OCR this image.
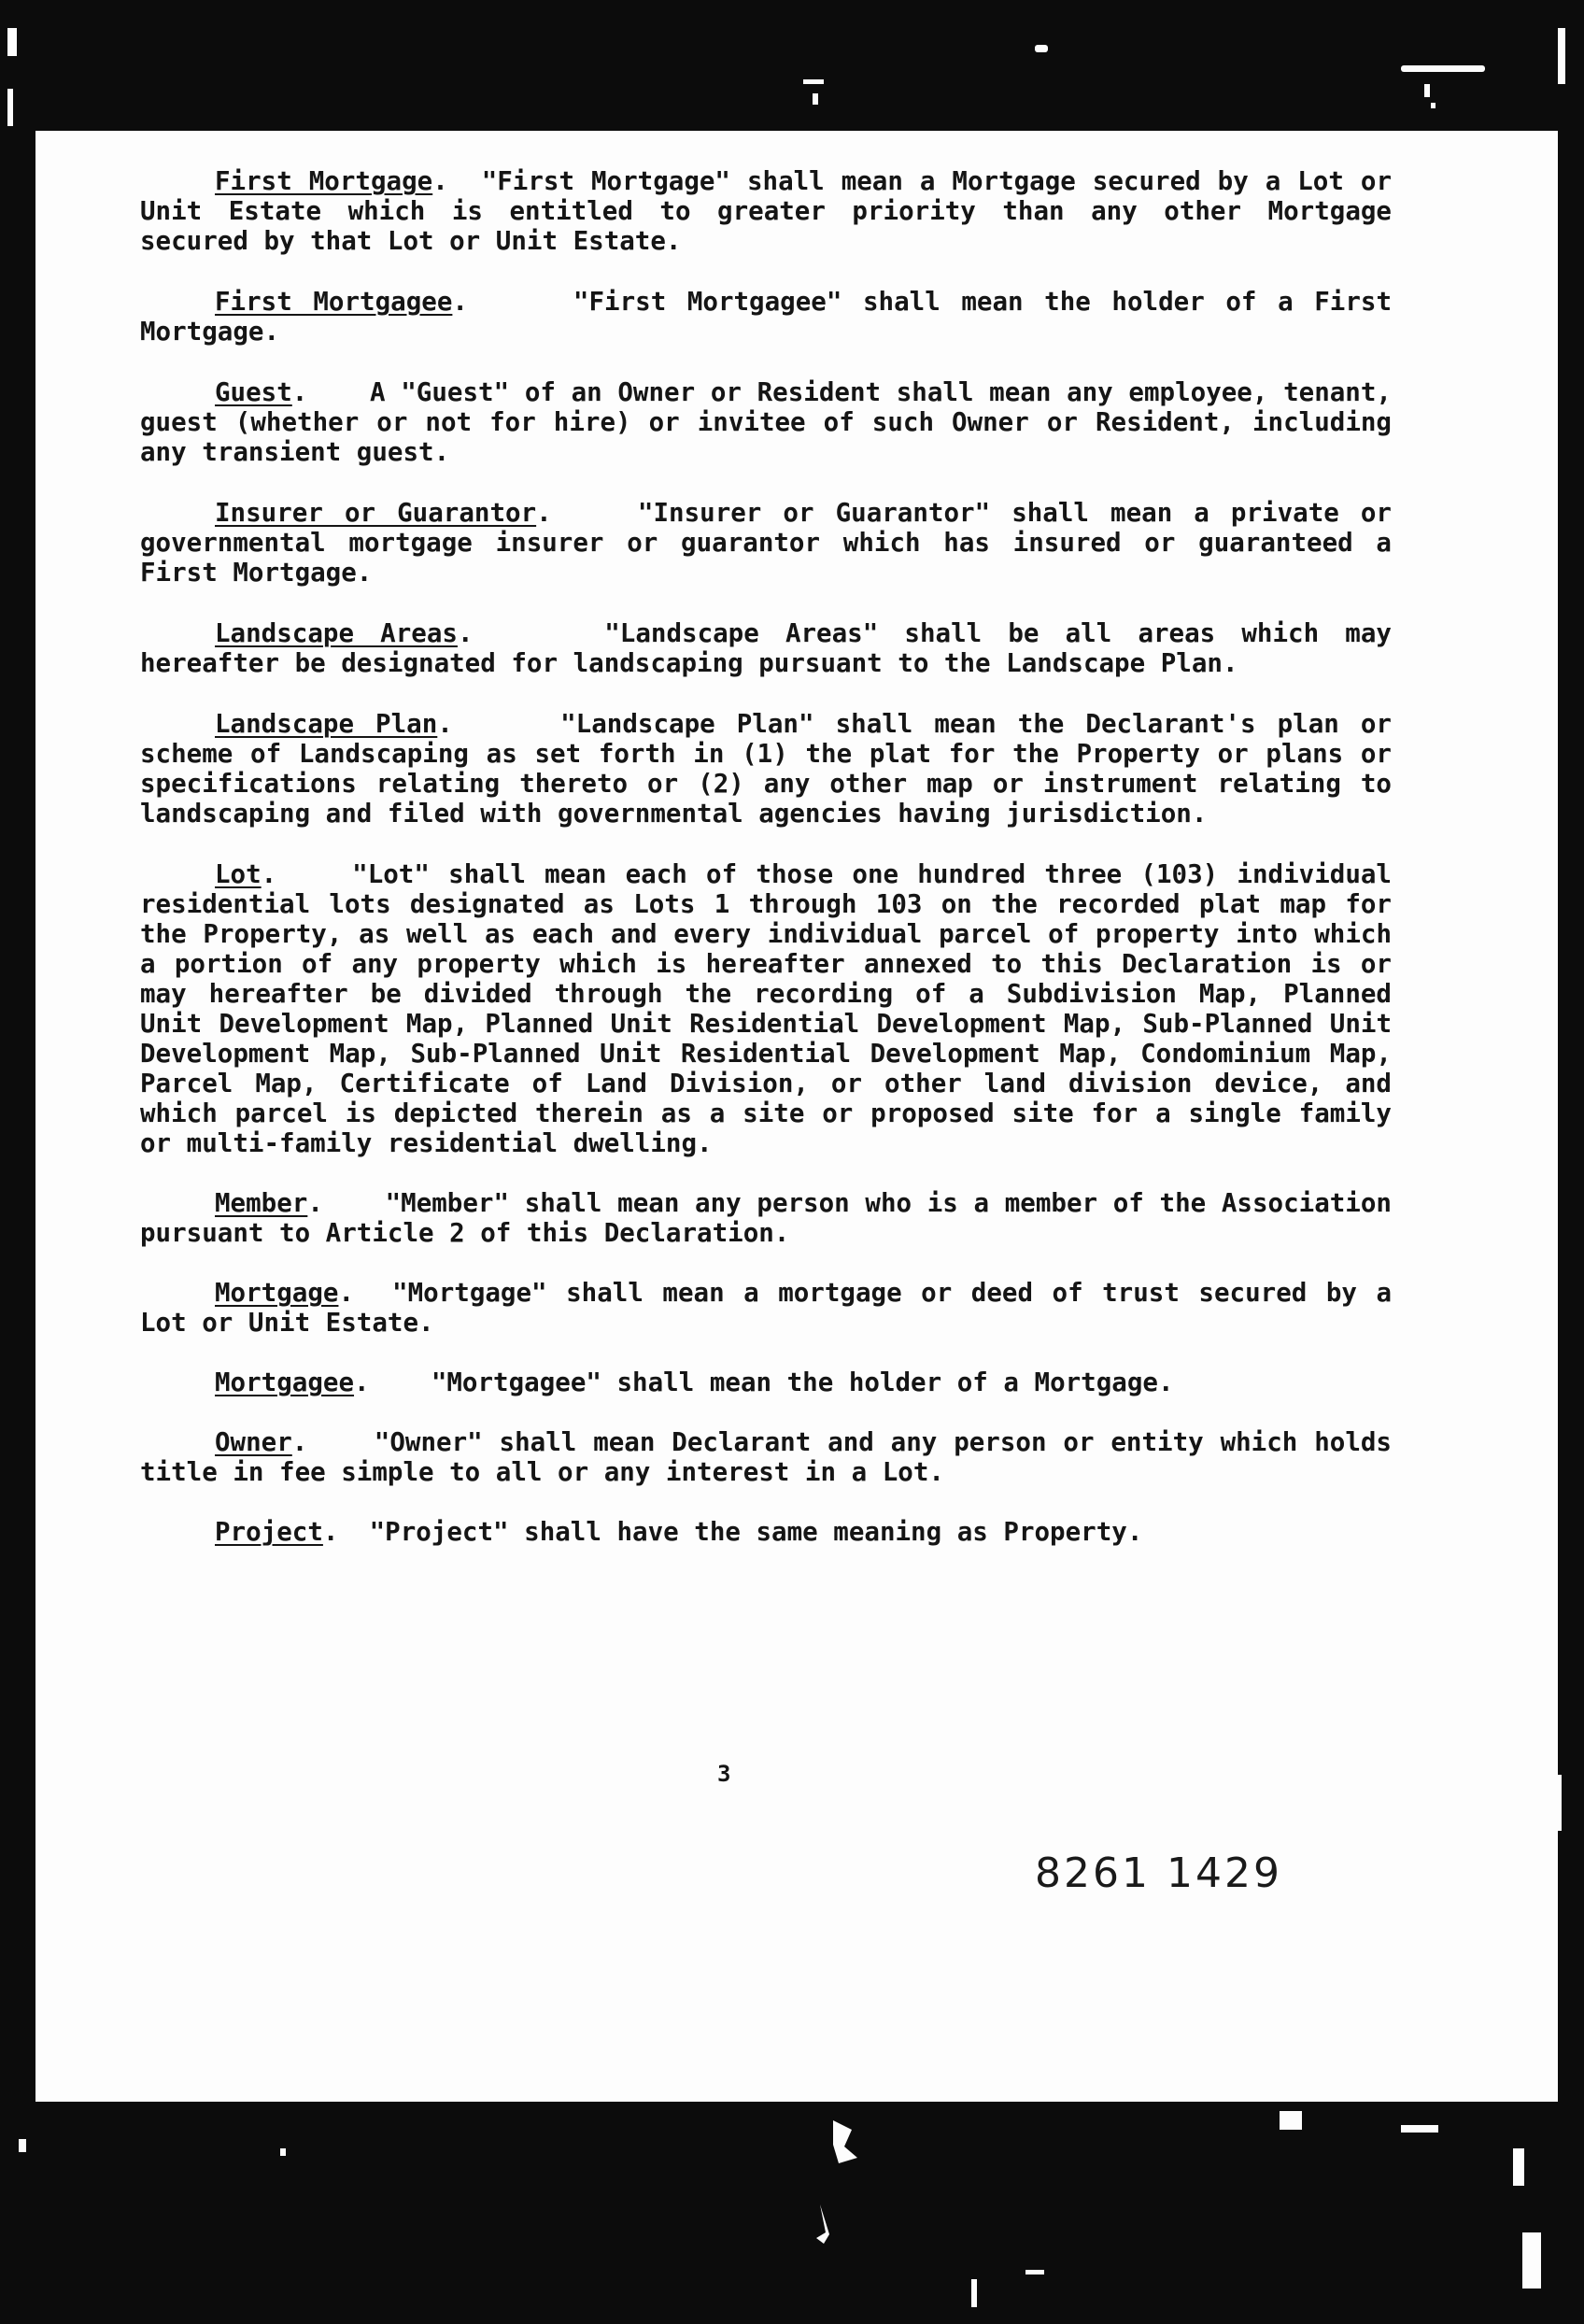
First Mortgage.  "First Mortgage" shall mean a Mortgage secured by a Lot or Unit Estate which is entitled to greater priority than any other Mortgage secured by that Lot or Unit Estate.

First Mortgagee.     "First Mortgagee" shall mean the holder of a First Mortgage.

Guest.    A "Guest" of an Owner or Resident shall mean any employee, tenant, guest (whether or not for hire) or invitee of such Owner or Resident, including any transient guest.

Insurer or Guarantor.    "Insurer or Guarantor" shall mean a private or governmental mortgage insurer or guarantor which has insured or guaranteed a First Mortgage.

Landscape Areas.     "Landscape Areas" shall be all areas which may hereafter be designated for landscaping pursuant to the Landscape Plan.

Landscape Plan.     "Landscape Plan" shall mean the Declarant's plan or scheme of Landscaping as set forth in (1) the plat for the Property or plans or specifications relating thereto or (2) any other map or instrument relating to landscaping and filed with governmental agencies having jurisdiction.

Lot.    "Lot" shall mean each of those one hundred three (103) individual residential lots designated as Lots 1 through 103 on the recorded plat map for the Property, as well as each and every individual parcel of property into which a portion of any property which is hereafter annexed to this Declaration is or may hereafter be divided through the recording of a Subdivision Map, Planned Unit Development Map, Planned Unit Residential Development Map, Sub-Planned Unit Development Map, Sub-Planned Unit Residential Development Map, Condominium Map, Parcel Map, Certificate of Land Division, or other land division device, and which parcel is depicted therein as a site or proposed site for a single family or multi-family residential dwelling.

Member.    "Member" shall mean any person who is a member of the Association pursuant to Article 2 of this Declaration.

Mortgage.  "Mortgage" shall mean a mortgage or deed of trust secured by a Lot or Unit Estate.

Mortgagee.    "Mortgagee" shall mean the holder of a Mortgage.

Owner.    "Owner" shall mean Declarant and any person or entity which holds title in fee simple to all or any interest in a Lot.

Project.  "Project" shall have the same meaning as Property.

3
8261 1429
